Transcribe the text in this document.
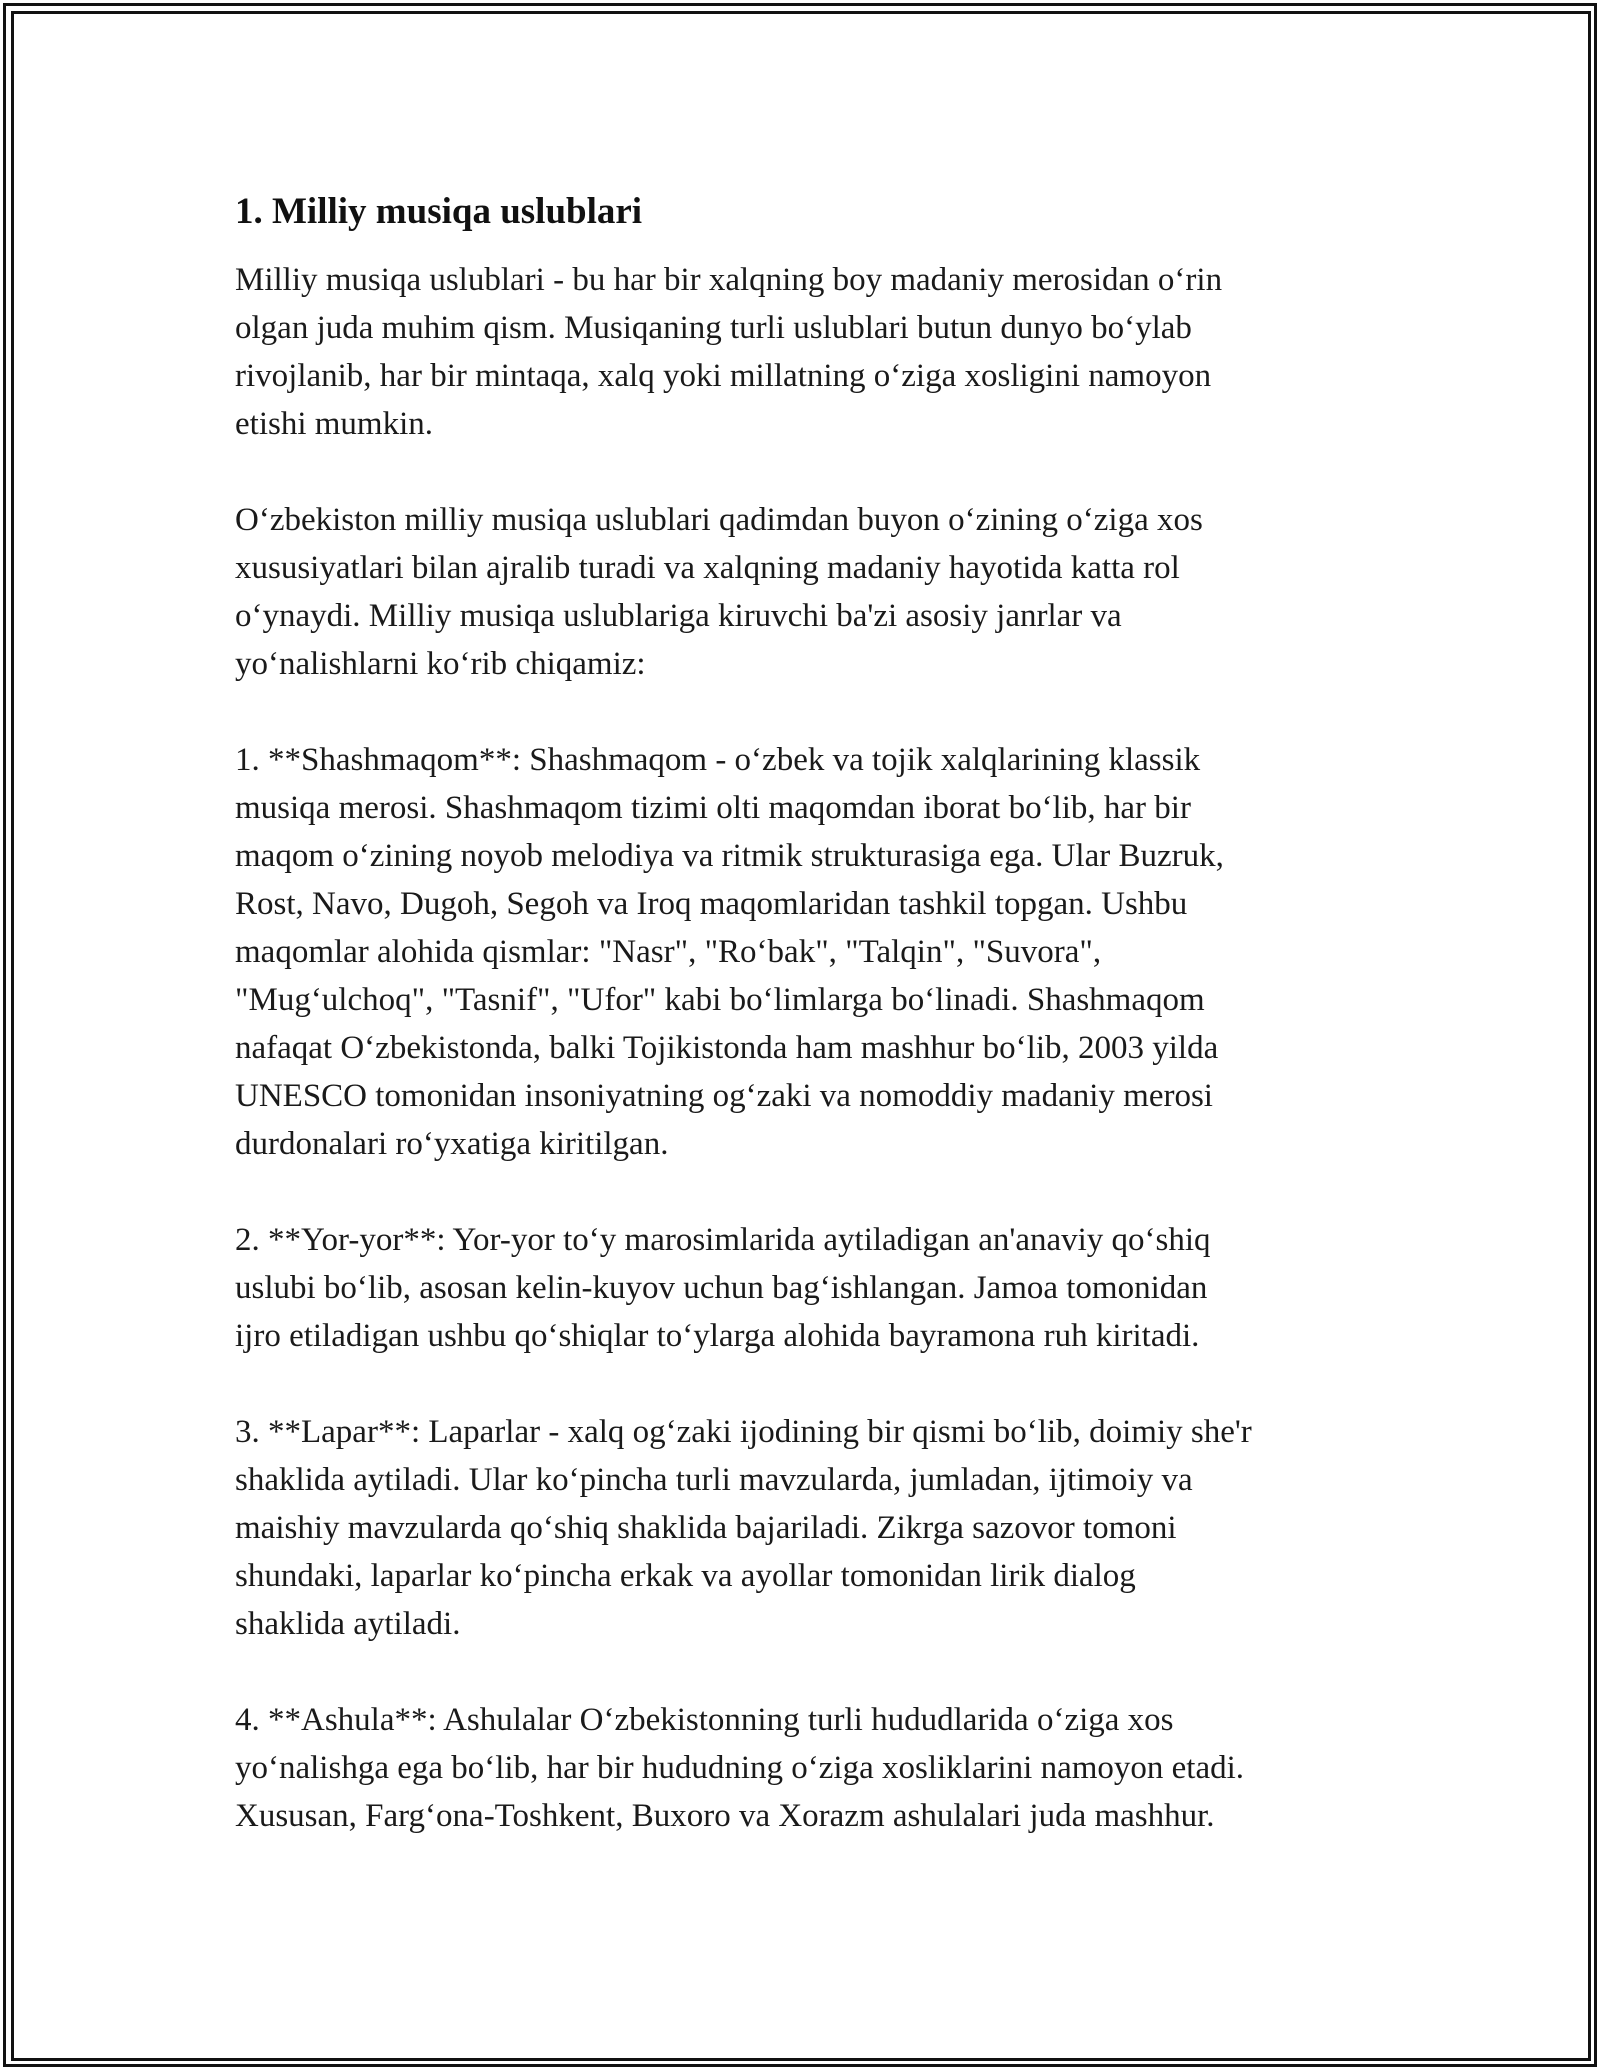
1. Milliy musiqa uslublari

Milliy musiqa uslublari - bu har bir xalqning boy madaniy merosidan o‘rin
olgan juda muhim qism. Musiqaning turli uslublari butun dunyo bo‘ylab
rivojlanib, har bir mintaqa, xalq yoki millatning o‘ziga xosligini namoyon
etishi mumkin.

O‘zbekiston milliy musiqa uslublari qadimdan buyon o‘zining o‘ziga xos
xususiyatlari bilan ajralib turadi va xalqning madaniy hayotida katta rol
o‘ynaydi. Milliy musiqa uslublariga kiruvchi ba'zi asosiy janrlar va
yo‘nalishlarni ko‘rib chiqamiz:

1. **Shashmaqom**: Shashmaqom - o‘zbek va tojik xalqlarining klassik
musiqa merosi. Shashmaqom tizimi olti maqomdan iborat bo‘lib, har bir
maqom o‘zining noyob melodiya va ritmik strukturasiga ega. Ular Buzruk,
Rost, Navo, Dugoh, Segoh va Iroq maqomlaridan tashkil topgan. Ushbu
maqomlar alohida qismlar: "Nasr", "Ro‘bak", "Talqin", "Suvora",
"Mug‘ulchoq", "Tasnif", "Ufor" kabi bo‘limlarga bo‘linadi. Shashmaqom
nafaqat O‘zbekistonda, balki Tojikistonda ham mashhur bo‘lib, 2003 yilda
UNESCO tomonidan insoniyatning og‘zaki va nomoddiy madaniy merosi
durdonalari ro‘yxatiga kiritilgan.

2. **Yor-yor**: Yor-yor to‘y marosimlarida aytiladigan an'anaviy qo‘shiq
uslubi bo‘lib, asosan kelin-kuyov uchun bag‘ishlangan. Jamoa tomonidan
ijro etiladigan ushbu qo‘shiqlar to‘ylarga alohida bayramona ruh kiritadi.

3. **Lapar**: Laparlar - xalq og‘zaki ijodining bir qismi bo‘lib, doimiy she'r
shaklida aytiladi. Ular ko‘pincha turli mavzularda, jumladan, ijtimoiy va
maishiy mavzularda qo‘shiq shaklida bajariladi. Zikrga sazovor tomoni
shundaki, laparlar ko‘pincha erkak va ayollar tomonidan lirik dialog
shaklida aytiladi.

4. **Ashula**: Ashulalar O‘zbekistonning turli hududlarida o‘ziga xos
yo‘nalishga ega bo‘lib, har bir hududning o‘ziga xosliklarini namoyon etadi.
Xususan, Farg‘ona-Toshkent, Buxoro va Xorazm ashulalari juda mashhur.
